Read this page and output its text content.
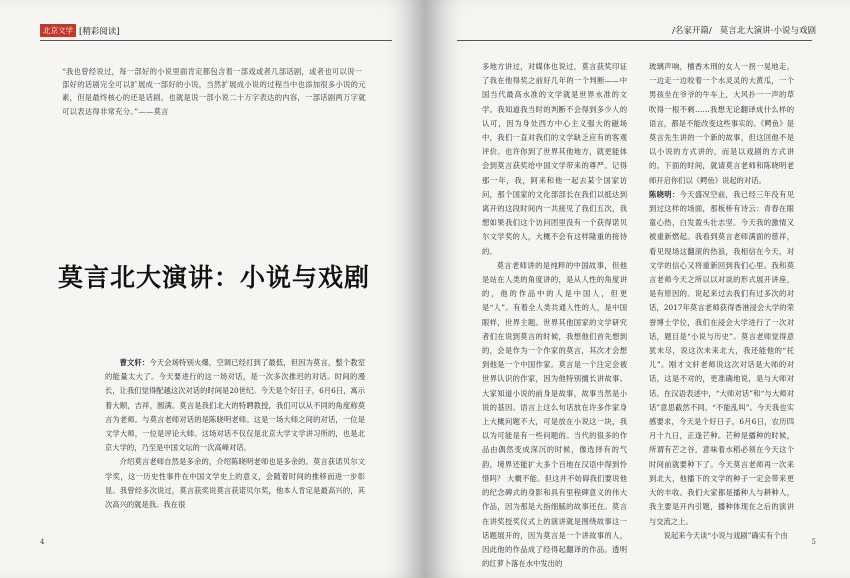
北京文学 [精彩阅读]
“我也曾经说过，每一部好的小说里面肯定都包含着一部戏或者几部话剧，或者也可以说一部好的话剧完全可以扩展成一部好的小说，当然扩展成小说的过程当中也添加很多小说的元素，但是最终核心的还是话剧。也就是说一部小说二十万字表达的内容，一部话剧两万字就可以表达得非常充分。”——莫言
莫言北大演讲：小说与戏剧

曹文轩：今天会场特别火爆，空调已经打到了最低，但因为莫言，整个教室的能量太大了。今天要进行的这一场对话，是一次多次推迟的对话。时间的漫长，让我们觉得配越这次对话的时间是20世纪。今天是个好日子，6月6日，寓示着大顺，吉祥，圆满。莫言是我们北大的特聘教授，我们可以从不同的角度称莫言为老师。与莫言老师对话的是陈晓明老师。这是一场大师之间的对话，一位是文学大师，一位是评论大师。这场对话不仅仅是北京大学文学讲习所的，也是北京大学的，乃至是中国文坛的一次高峰对话。

介绍莫言老师自然是多余的，介绍陈晓明老师也是多余的。莫言获诺贝尔文学奖，这一历史性事件在中国文学史上的意义，会随着时间的推移而进一步彰显。我曾经多次说过，莫言获奖说莫言获诺贝尔奖，他本人肯定是最高兴的，其次高兴的就是我。我在很

4
/名家开篇/ 莫言北大演讲·小说与戏剧

多地方讲过，对媒体也说过，莫言获奖印证了我在他得奖之前好几年的一个判断——中国当代最高水准的文学就是世界水准的文学。我知道我当时的判断不会得到多少人的认可，因为身处西方中心主义强大的磁场中，我们一直对我们的文学缺乏应有的客观评价。也许你到了世界其他地方，就更能体会到莫言获奖给中国文学带来的尊严。记得那一年，我，阿来和他一起去某个国家访问，那个国家的文化部部长在我们以抵达到离开的这段时间内一共接见了我们五次，我想如果我们这个访问团里没有一个获得诺贝尔文学奖的人，大概不会有这样隆重的接待的。

莫言老师讲的是纯粹的中国故事，但他是站在人类的角度讲的，是从人性的角度讲的，他的作品中的人是中国人，但更是“人”。有着全人类共通人性的人，是中国眼样，世界主题。世界其他国家的文学研究者们在说到莫言的时候，我想他们首先想到的，会是作为一个作家的莫言，其次才会想到他是一个中国作家。莫言是一个注定会被世界认识的作家，因为他特别擅长讲故事。大家知道小说的前身是故事，故事当然是小说的基因。语言上这么句话放在许多作家身上大概问题不大，可是放在小说这一块，我以为可能是有一些问题的。当代的很多的作品由偶然变成深沉的时候，像选择有的气韵，境界还能扩大多个百地在汉语中得到怜惜吗？ 大概不能。但这并不妨碍我们要说他的纪念碑式的身影和具有里程碑意义的伟大作品，因为那是大指细腻的故事还在。莫言在讲奖授奖仪式上的演讲就是围绕故事这一话题展开的，因为莫言是一个讲故事的人，因此他的作品成了经得起翻译的作品。透明的红萝卜落在水中发出的

玻璃声响，檀香木刑的女人一拐一晃地走，一边走一边咬着一个水灵灵的大黄瓜，一个男孩坐在爷爷的牛车上，大风扑一一声的草吹得一根不剩……我想无论翻译成什么样的语言，都是不能改变这些事实的。《鳄鱼》是莫言先生讲的一个新的故事，但这回他不是以小说的方式讲的，而是以戏剧的方式讲的。下面的时间，就请莫言老师和陈晓明老师开启你们以《鳄鱼》说起的对话。

陈晓明：今天盛况空前，我已经三年没有见到过这样的场面，那板桥有诗云：青春在眼童心热，白发盈头壮志坚。今天我的激情又被重新燃起。我看到莫言老师满面的慈祥，看见现场这翻滚的热浪，我相信在今天，对文学的信心又将重新回到我们心里。我和莫言老师今天之所以以对谈的形式展开讲座，是有原因的。说起来过去我们有过多次的对话，2017年莫言老师获得香港浸会大学的荣誉博士学位，我们在浸会大学进行了一次对话，题目是“小说与历史”。莫言老师觉得意犹未尽，说这次未来北大，我还能他的“托儿”。刚才文轩老师说这次对话是大师的对话，这是不对的，更准确地说，是与大师对话。在汉语表述中，“大师对话”和“与大师对话”意思截然不同。“不能乱叫”。今天我也实感要求，今天是个好日子，6月6日，农历四月十九日，正逢芒种。芒种是播种的时候，所谓有芒之谷，意味着水稻必须在今天这个时间前就要种下了。今天莫言老师再一次来到北大，他播下的文学的种子一定会带来更大的丰收。我们大家都是播种人与耕种人，我主要是开内引题，播种体现在之后的演讲与交流之上。

说起来今天谈“小说与戏剧”确实有个由

5
